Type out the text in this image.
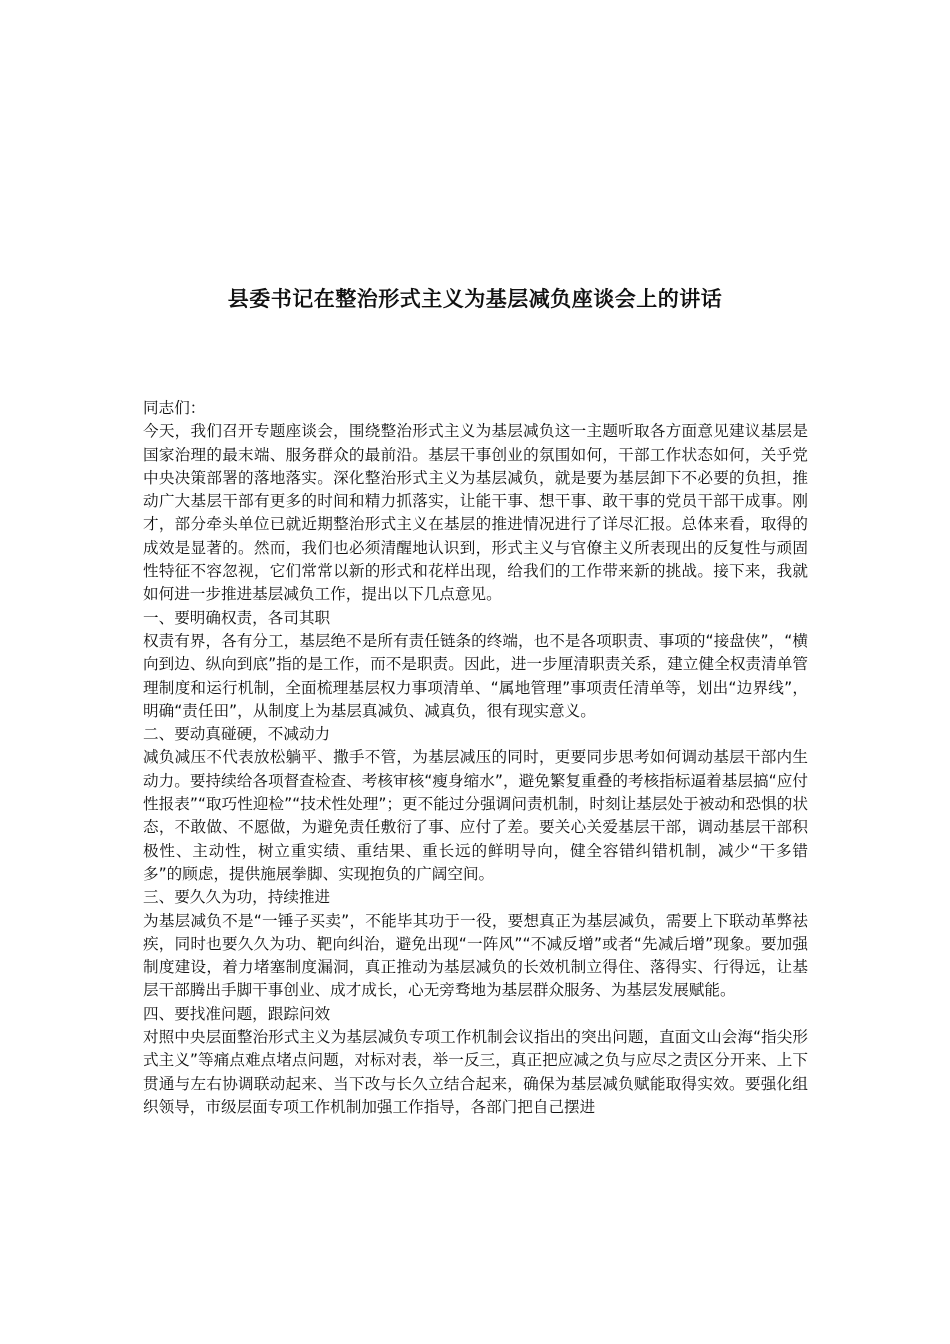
县委书记在整治形式主义为基层减负座谈会上的讲话

同志们：

今天，我们召开专题座谈会，围绕整治形式主义为基层减负这一主题听取各方面意见建议基层是国家治理的最末端、服务群众的最前沿。基层干事创业的氛围如何，干部工作状态如何，关乎党中央决策部署的落地落实。深化整治形式主义为基层减负，就是要为基层卸下不必要的负担，推动广大基层干部有更多的时间和精力抓落实，让能干事、想干事、敢干事的党员干部干成事。刚才，部分牵头单位已就近期整治形式主义在基层的推进情况进行了详尽汇报。总体来看，取得的成效是显著的。然而，我们也必须清醒地认识到，形式主义与官僚主义所表现出的反复性与顽固性特征不容忽视，它们常常以新的形式和花样出现，给我们的工作带来新的挑战。接下来，我就如何进一步推进基层减负工作，提出以下几点意见。

一、要明确权责，各司其职

权责有界，各有分工，基层绝不是所有责任链条的终端，也不是各项职责、事项的“接盘侠”，“横向到边、纵向到底”指的是工作，而不是职责。因此，进一步厘清职责关系，建立健全权责清单管理制度和运行机制，全面梳理基层权力事项清单、“属地管理”事项责任清单等，划出“边界线”，明确“责任田”，从制度上为基层真减负、减真负，很有现实意义。

二、要动真碰硬，不减动力

减负减压不代表放松躺平、撒手不管，为基层减压的同时，更要同步思考如何调动基层干部内生动力。要持续给各项督查检查、考核审核“瘦身缩水”，避免繁复重叠的考核指标逼着基层搞“应付性报表”“取巧性迎检”“技术性处理”；更不能过分强调问责机制，时刻让基层处于被动和恐惧的状态，不敢做、不愿做，为避免责任敷衍了事、应付了差。要关心关爱基层干部，调动基层干部积极性、主动性，树立重实绩、重结果、重长远的鲜明导向，健全容错纠错机制，减少“干多错多”的顾虑，提供施展拳脚、实现抱负的广阔空间。

三、要久久为功，持续推进

为基层减负不是“一锤子买卖”，不能毕其功于一役，要想真正为基层减负，需要上下联动革弊祛疾，同时也要久久为功、靶向纠治，避免出现“一阵风”“不减反增”或者“先减后增”现象。要加强制度建设，着力堵塞制度漏洞，真正推动为基层减负的长效机制立得住、落得实、行得远，让基层干部腾出手脚干事创业、成才成长，心无旁骛地为基层群众服务、为基层发展赋能。

四、要找准问题，跟踪问效

对照中央层面整治形式主义为基层减负专项工作机制会议指出的突出问题，直面文山会海“指尖形式主义”等痛点难点堵点问题，对标对表，举一反三，真正把应减之负与应尽之责区分开来、上下贯通与左右协调联动起来、当下改与长久立结合起来，确保为基层减负赋能取得实效。要强化组织领导，市级层面专项工作机制加强工作指导，各部门把自己摆进
